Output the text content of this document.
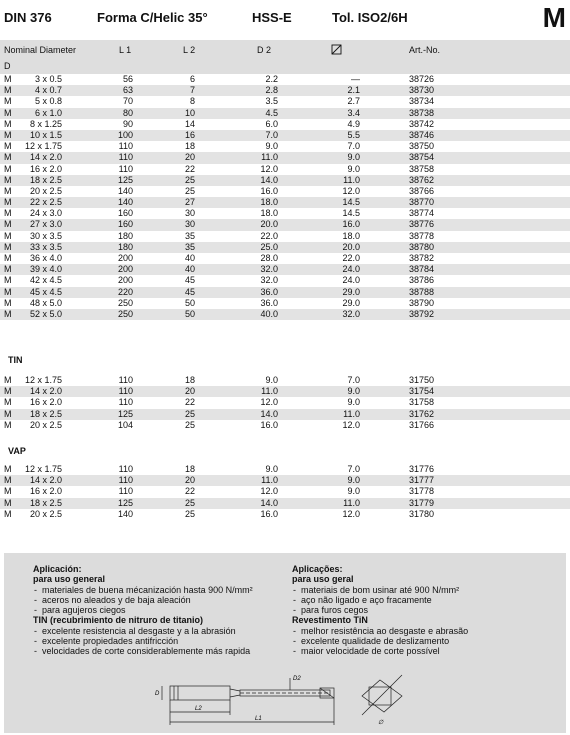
DIN 376	Forma C/Helic 35°	HSS-E	Tol. ISO2/6H	M
Nominal Diameter
D
L 1	L 2	D 2	Art.-No.
M	3 x 0.5	56	6	2.2	—	38726
M	4 x 0.7	63	7	2.8	2.1	38730
M	5 x 0.8	70	8	3.5	2.7	38734
M	6 x 1.0	80	10	4.5	3.4	38738
M	8 x 1.25	90	14	6.0	4.9	38742
M	10 x 1.5	100	16	7.0	5.5	38746
M 12 x 1.75	110	18	9.0	7.0	38750
M	14 x 2.0	110	20	11.0	9.0	38754
M	16 x 2.0	110	22	12.0	9.0	38758
M	18 x 2.5	125	25	14.0	11.0	38762
M	20 x 2.5	140	25	16.0	12.0	38766
M	22 x 2.5	140	27	18.0	14.5	38770
M	24 x 3.0	160	30	18.0	14.5	38774
M	27 x 3.0	160	30	20.0	16.0	38776
M	30 x 3.5	180	35	22.0	18.0	38778
M	33 x 3.5	180	35	25.0	20.0	38780
M	36 x 4.0	200	40	28.0	22.0	38782
M	39 x 4.0	200	40	32.0	24.0	38784
M	42 x 4.5	200	45	32.0	24.0	38786
M	45 x 4.5	220	45	36.0	29.0	38788
M	48 x 5.0	250	50	36.0	29.0	38790
M	52 x 5.0	250	50	40.0	32.0	38792
TIN
M 12 x 1.75	110	18	9.0	7.0	31750
M	14 x 2.0	110	20	11.0	9.0	31754
M	16 x 2.0	110	22	12.0	9.0	31758
M	18 x 2.5	125	25	14.0	11.0	31762
M	20 x 2.5	104	25	16.0	12.0	31766
VAP
M 12 x 1.75	110	18	9.0	7.0	31776
M	14 x 2.0	110	20	11.0	9.0	31777
M	16 x 2.0	110	22	12.0	9.0	31778
M	18 x 2.5	125	25	14.0	11.0	31779
M	20 x 2.5	140	25	16.0	12.0	31780
Aplicación:
para uso general
- materiales de buena mécanización hasta 900 N/mm²
- aceros no aleados y de baja aleación
- para agujeros ciegos
TIN (recubrimiento de nitruro de titanio)
- excelente resistencia al desgaste y a la abrasión
- excelente propiedades antifricción
- velocidades de corte considerablemente más rapida
Aplicações:
para uso geral
- materiais de bom usinar até 900 N/mm²
- aço não ligado e aço fracamente
- para furos cegos
Revestimento TiN
- melhor resistência ao desgaste e abrasão
- excelente qualidade de deslizamento
- maior velocidade de corte possível
D
D2
L2
L1
∅
